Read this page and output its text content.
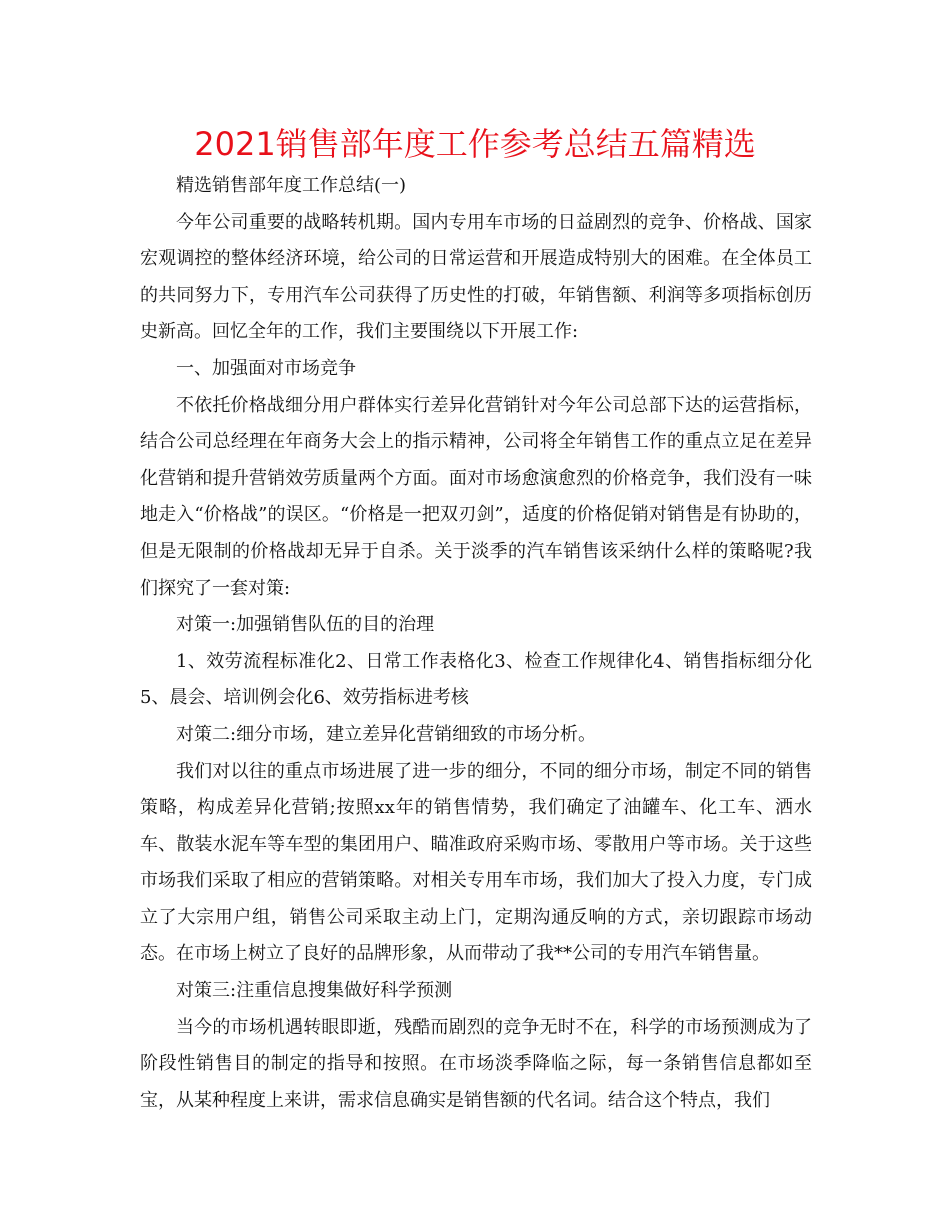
2021销售部年度工作参考总结五篇精选

精选销售部年度工作总结(一)

今年公司重要的战略转机期。国内专用车市场的日益剧烈的竞争、价格战、国家宏观调控的整体经济环境，给公司的日常运营和开展造成特别大的困难。在全体员工的共同努力下，专用汽车公司获得了历史性的打破，年销售额、利润等多项指标创历史新高。回忆全年的工作，我们主要围绕以下开展工作:

一、加强面对市场竞争

不依托价格战细分用户群体实行差异化营销针对今年公司总部下达的运营指标，结合公司总经理在年商务大会上的指示精神，公司将全年销售工作的重点立足在差异化营销和提升营销效劳质量两个方面。面对市场愈演愈烈的价格竞争，我们没有一味地走入“价格战”的误区。“价格是一把双刃剑”，适度的价格促销对销售是有协助的，但是无限制的价格战却无异于自杀。关于淡季的汽车销售该采纳什么样的策略呢?我们探究了一套对策:

对策一:加强销售队伍的目的治理

1、效劳流程标准化2、日常工作表格化3、检查工作规律化4、销售指标细分化5、晨会、培训例会化6、效劳指标进考核

对策二:细分市场，建立差异化营销细致的市场分析。

我们对以往的重点市场进展了进一步的细分，不同的细分市场，制定不同的销售策略，构成差异化营销;按照xx年的销售情势，我们确定了油罐车、化工车、洒水车、散装水泥车等车型的集团用户、瞄准政府采购市场、零散用户等市场。关于这些市场我们采取了相应的营销策略。对相关专用车市场，我们加大了投入力度，专门成立了大宗用户组，销售公司采取主动上门，定期沟通反响的方式，亲切跟踪市场动态。在市场上树立了良好的品牌形象，从而带动了我**公司的专用汽车销售量。

对策三:注重信息搜集做好科学预测

当今的市场机遇转眼即逝，残酷而剧烈的竞争无时不在，科学的市场预测成为了阶段性销售目的制定的指导和按照。在市场淡季降临之际，每一条销售信息都如至宝，从某种程度上来讲，需求信息确实是销售额的代名词。结合这个特点，我们
